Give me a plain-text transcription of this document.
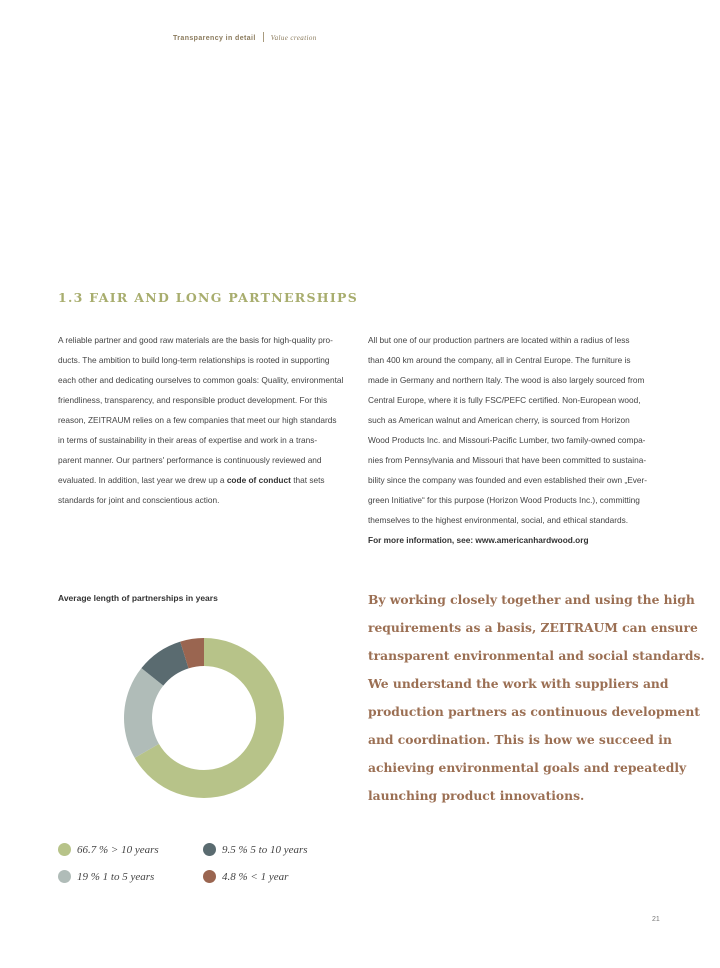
Transparency in detail Value creation
1.3 FAIR AND LONG PARTNERSHIPS
A reliable partner and good raw materials are the basis for high-quality pro-
ducts. The ambition to build long-term relationships is rooted in supporting
each other and dedicating ourselves to common goals: Quality, environmental
friendliness, transparency, and responsible product development. For this
reason, ZEITRAUM relies on a few companies that meet our high standards
in terms of sustainability in their areas of expertise and work in a trans-
parent manner. Our partners' performance is continuously reviewed and
evaluated. In addition, last year we drew up a code of conduct that sets
standards for joint and conscientious action.
All but one of our production partners are located within a radius of less
than 400 km around the company, all in Central Europe. The furniture is
made in Germany and northern Italy. The wood is also largely sourced from
Central Europe, where it is fully FSC/PEFC certified. Non-European wood,
such as American walnut and American cherry, is sourced from Horizon
Wood Products Inc. and Missouri-Pacific Lumber, two family-owned compa-
nies from Pennsylvania and Missouri that have been committed to sustaina-
bility since the company was founded and even established their own „Ever-
green Initiative“ for this purpose (Horizon Wood Products Inc.), committing
themselves to the highest environmental, social, and ethical standards.
For more information, see: www.americanhardwood.org
Average length of partnerships in years
66.7 % > 10 years	9.5 % 5 to 10 years
19 % 1 to 5 years	4.8 % < 1 year
By working closely together and using the high
requirements as a basis, ZEITRAUM can ensure
transparent environmental and social standards.
We understand the work with suppliers and
production partners as continuous development
and coordination. This is how we succeed in
achieving environmental goals and repeatedly
launching product innovations.
21
